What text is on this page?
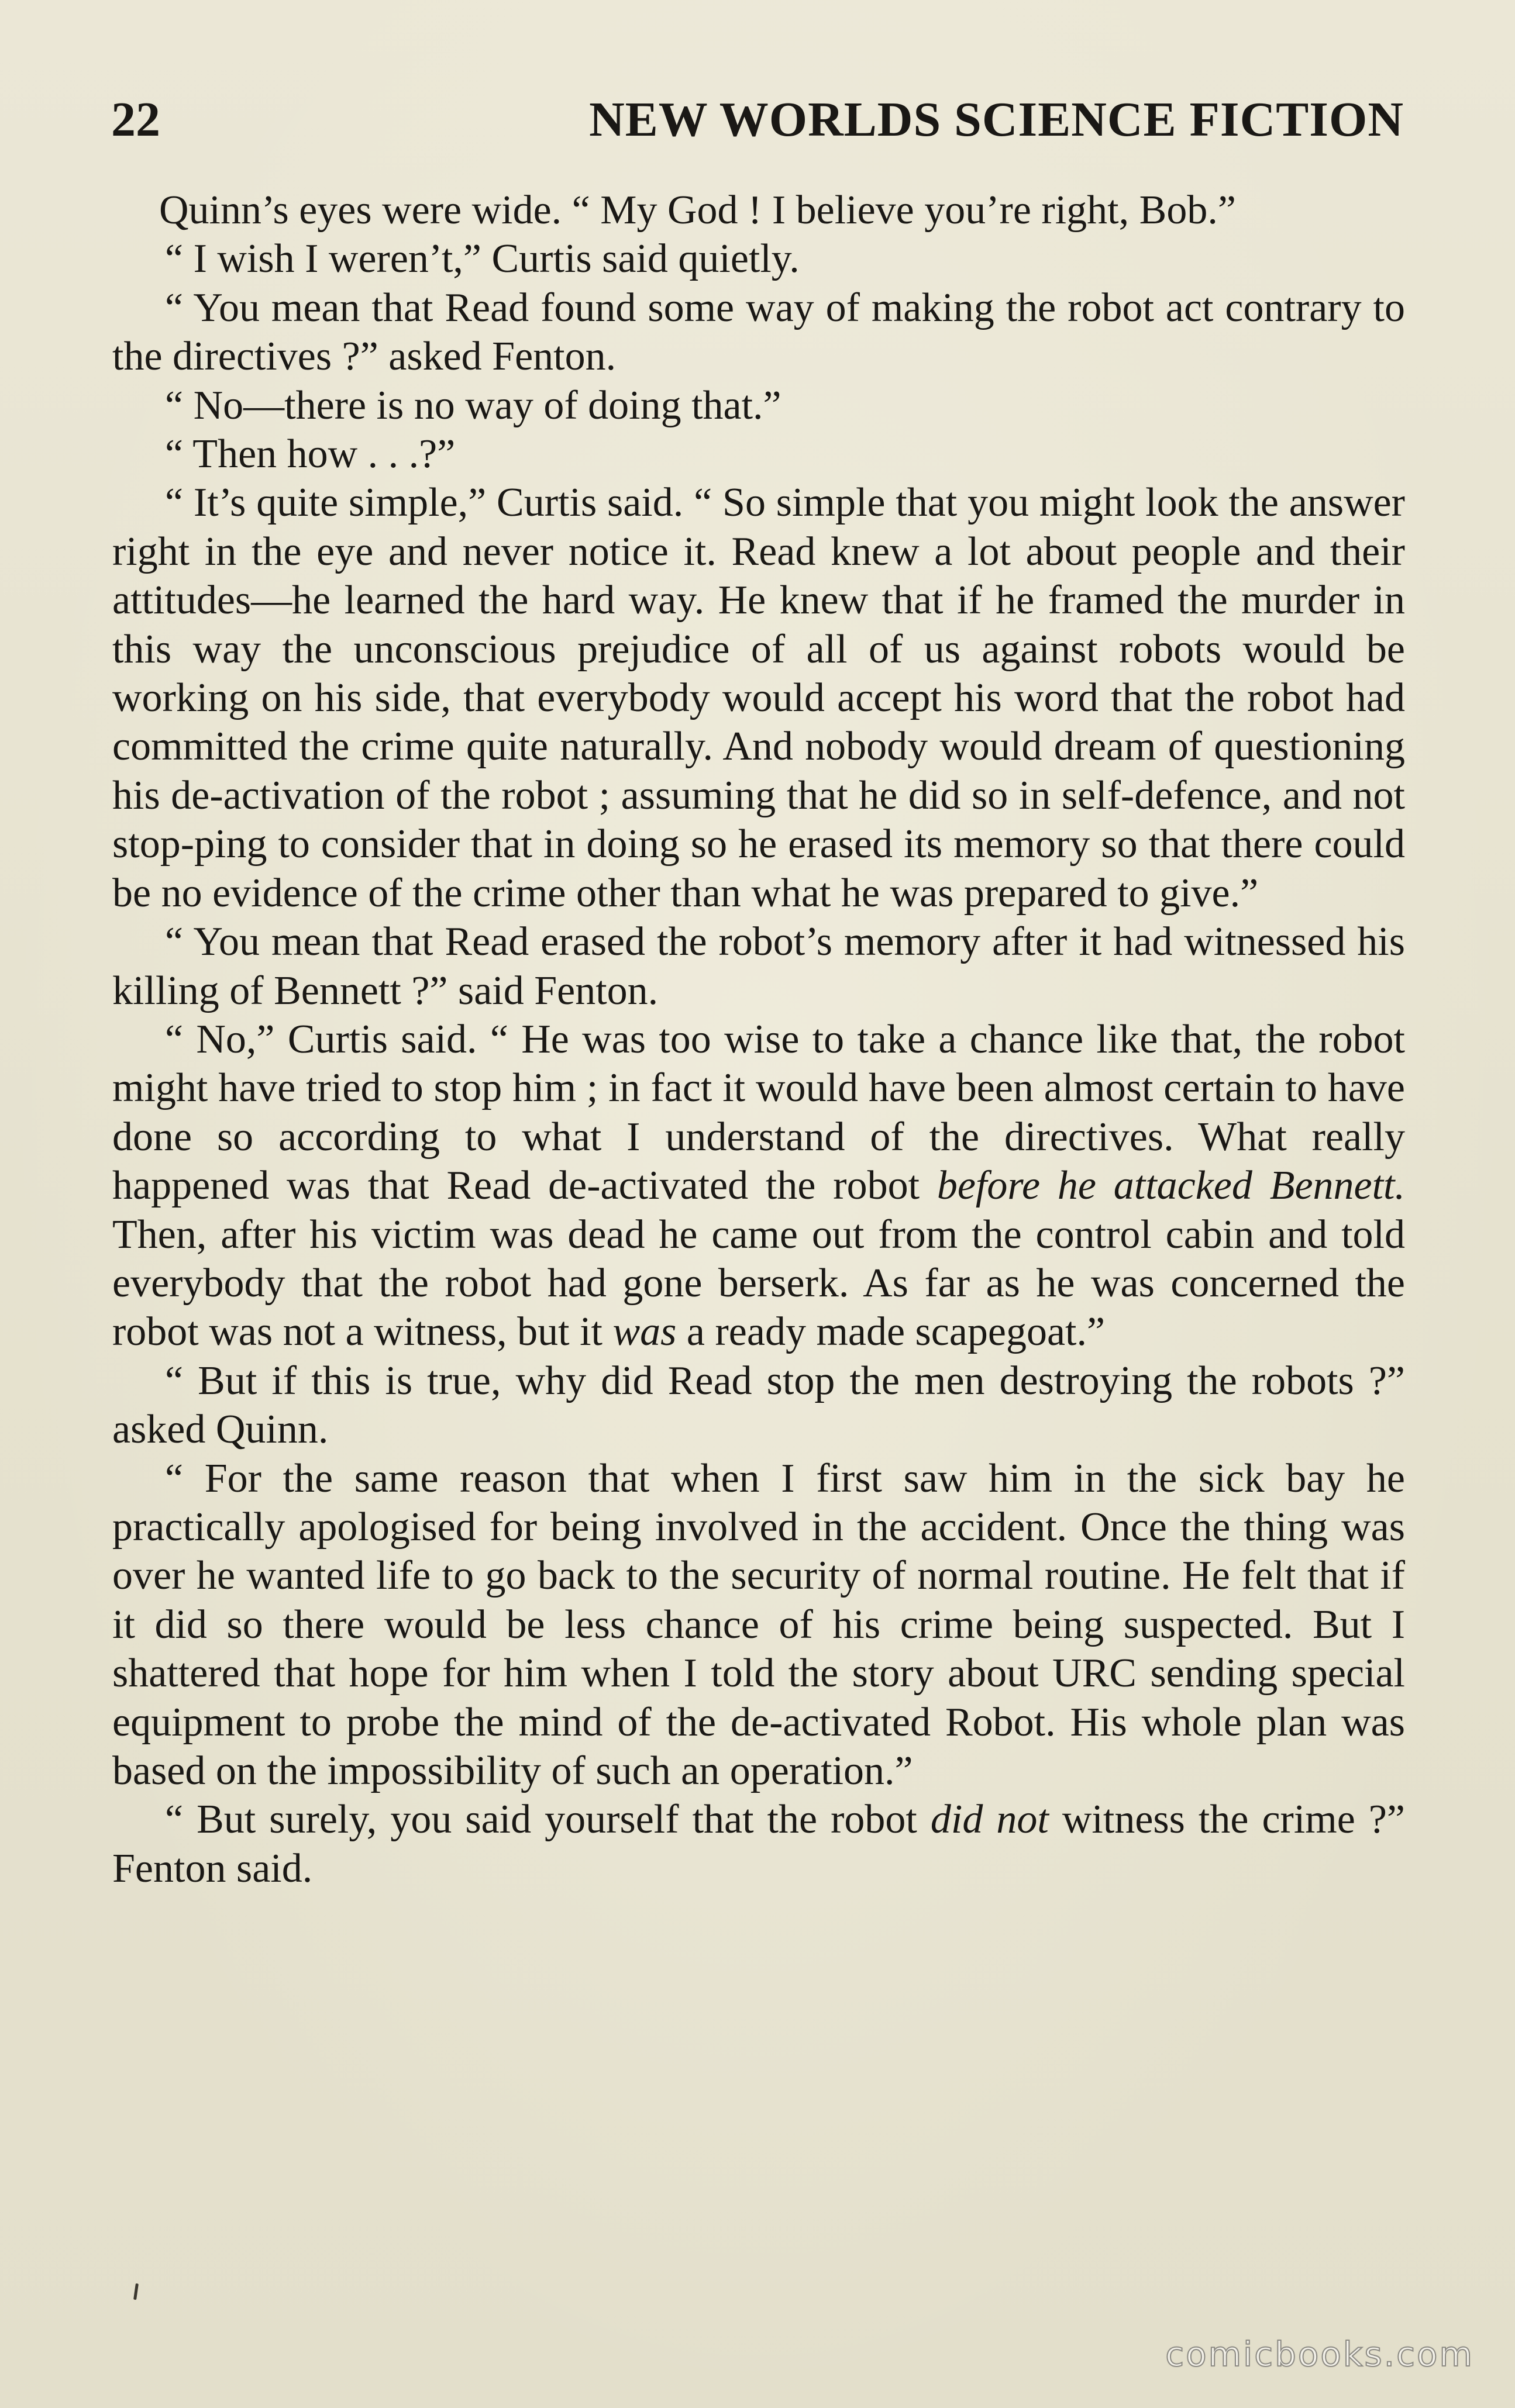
22	NEW WORLDS SCIENCE FICTION

Quinn’s eyes were wide. “ My God ! I believe you’re right, Bob.”

“ I wish I weren’t,” Curtis said quietly.

“ You mean that Read found some way of making the robot act contrary to the directives ?” asked Fenton.

“ No—there is no way of doing that.”

“ Then how . . .?”

“ It’s quite simple,” Curtis said. “ So simple that you might look the answer right in the eye and never notice it. Read knew a lot about people and their attitudes—he learned the hard way. He knew that if he framed the murder in this way the unconscious prejudice of all of us against robots would be working on his side, that everybody would accept his word that the robot had committed the crime quite naturally. And nobody would dream of questioning his de-activation of the robot ; assuming that he did so in self-defence, and not stop-ping to consider that in doing so he erased its memory so that there could be no evidence of the crime other than what he was prepared to give.”

“ You mean that Read erased the robot’s memory after it had witnessed his killing of Bennett ?” said Fenton.

“ No,” Curtis said. “ He was too wise to take a chance like that, the robot might have tried to stop him ; in fact it would have been almost certain to have done so according to what I understand of the directives. What really happened was that Read de-activated the robot before he attacked Bennett. Then, after his victim was dead he came out from the control cabin and told everybody that the robot had gone berserk. As far as he was concerned the robot was not a witness, but it was a ready made scapegoat.”

“ But if this is true, why did Read stop the men destroying the robots ?” asked Quinn.

“ For the same reason that when I first saw him in the sick bay he practically apologised for being involved in the accident. Once the thing was over he wanted life to go back to the security of normal routine. He felt that if it did so there would be less chance of his crime being suspected. But I shattered that hope for him when I told the story about URC sending special equipment to probe the mind of the de-activated Robot. His whole plan was based on the impossibility of such an operation.”

“ But surely, you said yourself that the robot did not witness the crime ?” Fenton said.

comicbooks.com
